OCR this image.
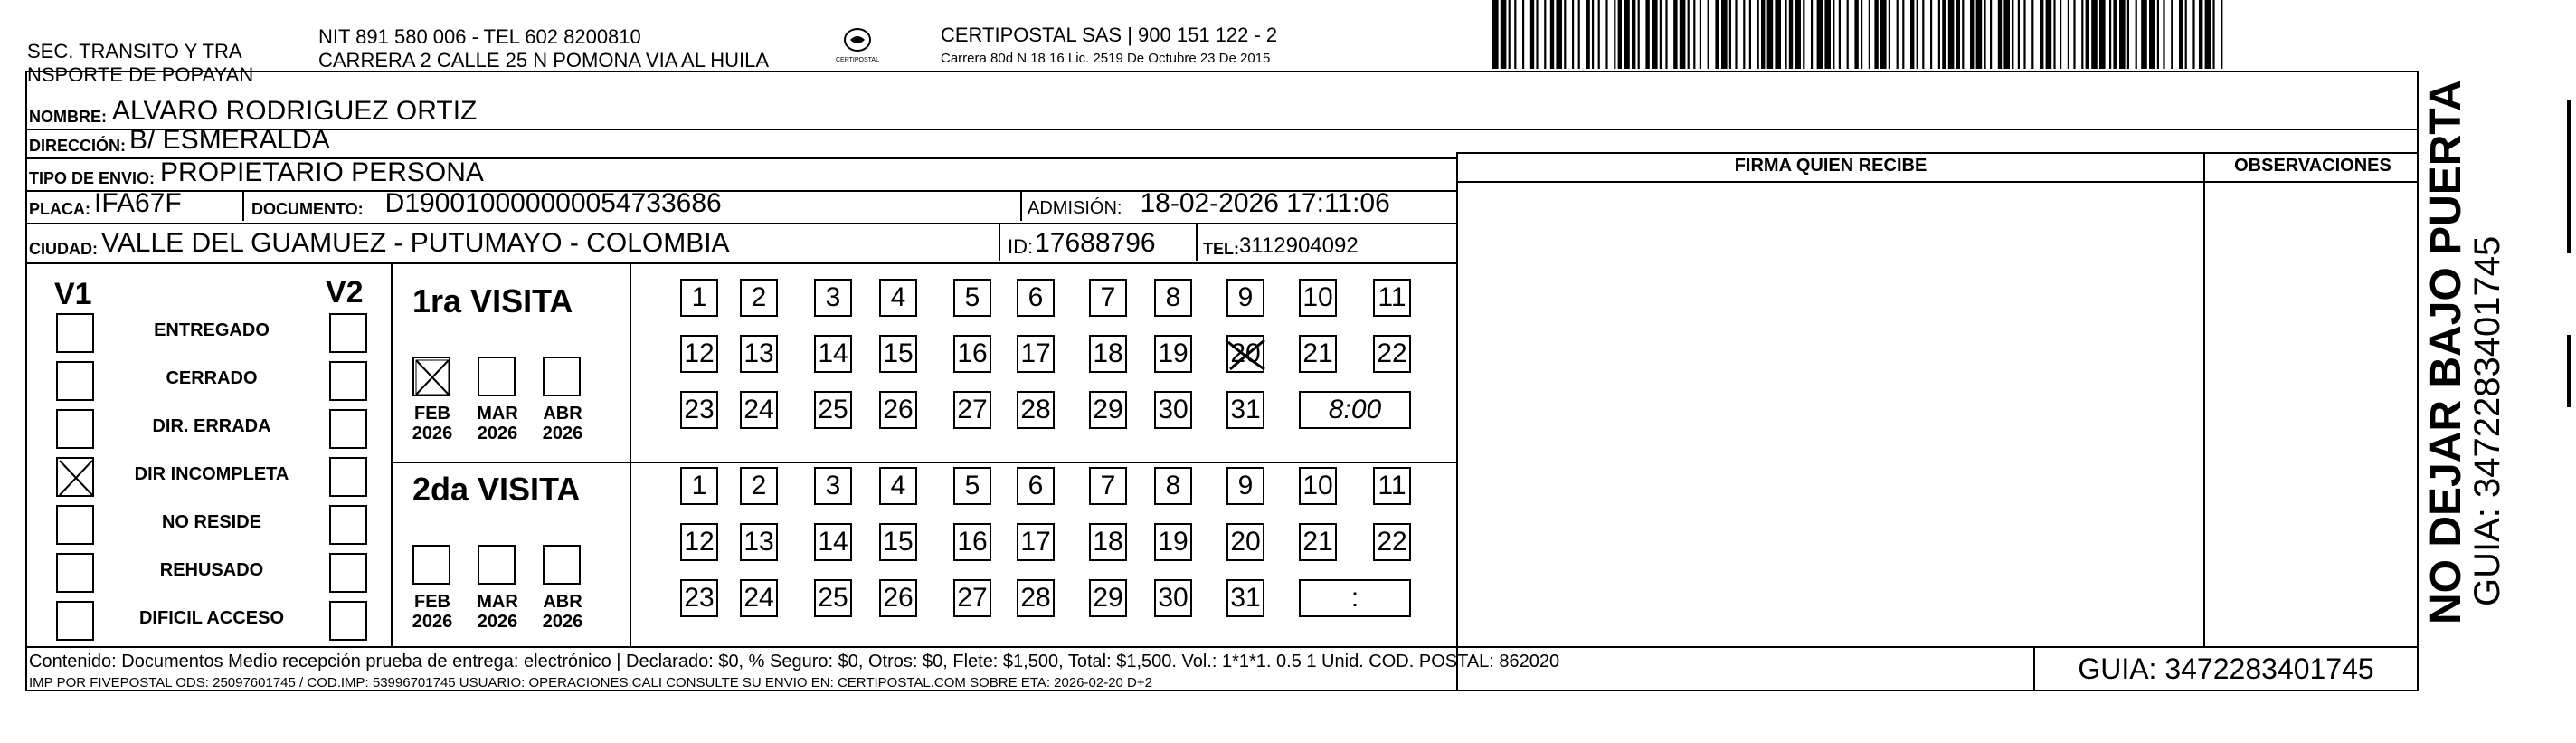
SEC. TRANSITO Y TRA
NSPORTE DE POPAYAN
NIT 891 580 006 - TEL 602 8200810
CARRERA 2 CALLE 25 N POMONA VIA AL HUILA	CERTIPOSTAL
CERTIPOSTAL SAS | 900 151 122 - 2
Carrera 80d N 18 16 Lic. 2519 De Octubre 23 De 2015
NOMBRE: ALVARO RODRIGUEZ ORTIZ
DIRECCIÓN: B/ ESMERALDA
TIPO DE ENVIO: PROPIETARIO PERSONA
PLACA: IFA67F	DOCUMENTO: D190010000000054733686	ADMISIÓN: 18-02-2026 17:11:06
CIUDAD: VALLE DEL GUAMUEZ - PUTUMAYO - COLOMBIA	ID: 17688796	TEL: 3112904092
FIRMA QUIEN RECIBE	OBSERVACIONES
V1	V2
ENTREGADO
CERRADO
DIR. ERRADA
DIR INCOMPLETA
NO RESIDE
REHUSADO
DIFICIL ACCESO
1ra VISITA
2da VISITA
FEB
2026
MAR
2026
ABR
2026
1	2	3	4	5	6	7	8	9	10 11
12 13 14 15 16 17 18 19 20 21 22
23 24 25 26 27 28 29 30 31	8:00
FEB
2026
MAR
2026
ABR
2026
1	2	3	4	5	6	7	8	9	10 11
12 13 14 15 16 17 18 19 20 21 22
23 24 25 26 27 28 29 30 31	:
GUIA: 3472283401745
Contenido: Documentos Medio recepción prueba de entrega: electrónico | Declarado: $0, % Seguro: $0, Otros: $0, Flete: $1,500, Total: $1,500. Vol.: 1*1*1. 0.5 1 Unid. COD. POSTAL: 862020
IMP POR FIVEPOSTAL ODS: 25097601745 / COD.IMP: 53996701745 USUARIO: OPERACIONES.CALI CONSULTE SU ENVIO EN: CERTIPOSTAL.COM SOBRE ETA: 2026-02-20 D+2
NO DEJAR BAJO PUERTA
GUIA: 3472283401745
